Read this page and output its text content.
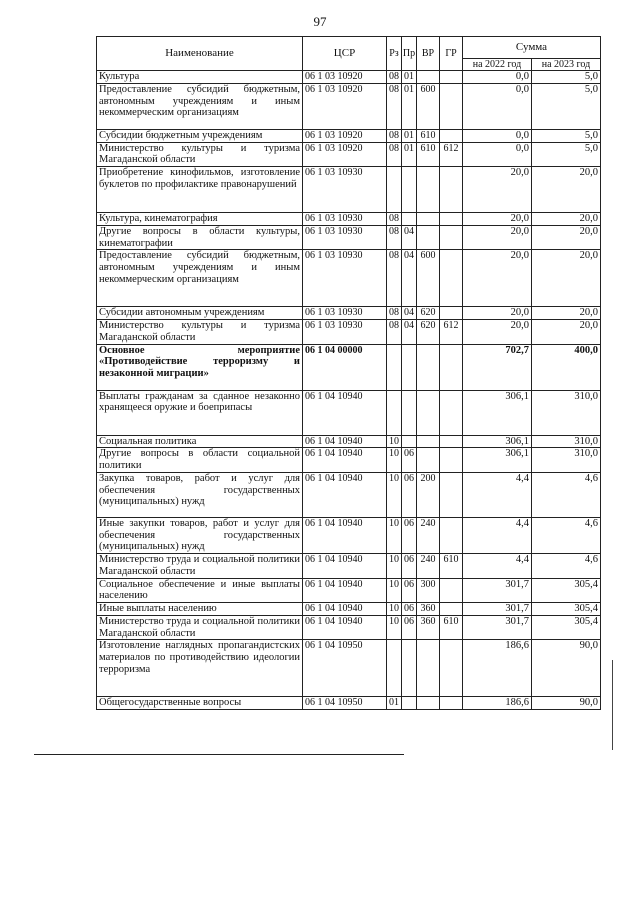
97
Наименование	ЦСР	Рз	Пр	ВР	ГР	Сумма	
						на 2022 год	на 2023 год
Культура	06 1 03 10920	08	01			0,0	5,0
Предоставление субсидий бюджетным, автономным учреждениям и иным некоммерческим организациям	06 1 03 10920	08	01	600		0,0	5,0
Субсидии бюджетным учреждениям	06 1 03 10920	08	01	610		0,0	5,0
Министерство культуры и туризма Магаданской области	06 1 03 10920	08	01	610	612	0,0	5,0
Приобретение кинофильмов, изготовление буклетов по профилактике правонарушений	06 1 03 10930					20,0	20,0
Культура, кинематография	06 1 03 10930	08				20,0	20,0
Другие вопросы в области культуры, кинематографии	06 1 03 10930	08	04			20,0	20,0
Предоставление субсидий бюджетным, автономным учреждениям и иным некоммерческим организациям	06 1 03 10930	08	04	600		20,0	20,0
Субсидии автономным учреждениям	06 1 03 10930	08	04	620		20,0	20,0
Министерство культуры и туризма Магаданской области	06 1 03 10930	08	04	620	612	20,0	20,0
Основное мероприятие «Противодействие терроризму и незаконной миграции»	06 1 04 00000					702,7	400,0
Выплаты гражданам за сданное незаконно хранящееся оружие и боеприпасы	06 1 04 10940					306,1	310,0
Социальная политика	06 1 04 10940	10				306,1	310,0
Другие вопросы в области социальной политики	06 1 04 10940	10	06			306,1	310,0
Закупка товаров, работ и услуг для обеспечения государственных (муниципальных) нужд	06 1 04 10940	10	06	200		4,4	4,6
Иные закупки товаров, работ и услуг для обеспечения государственных (муниципальных) нужд	06 1 04 10940	10	06	240		4,4	4,6
Министерство труда и социальной политики Магаданской области	06 1 04 10940	10	06	240	610	4,4	4,6
Социальное обеспечение и иные выплаты населению	06 1 04 10940	10	06	300		301,7	305,4
Иные выплаты населению	06 1 04 10940	10	06	360		301,7	305,4
Министерство труда и социальной политики Магаданской области	06 1 04 10940	10	06	360	610	301,7	305,4
Изготовление наглядных пропагандистских материалов по противодействию идеологии терроризма	06 1 04 10950					186,6	90,0
Общегосударственные вопросы	06 1 04 10950	01				186,6	90,0
